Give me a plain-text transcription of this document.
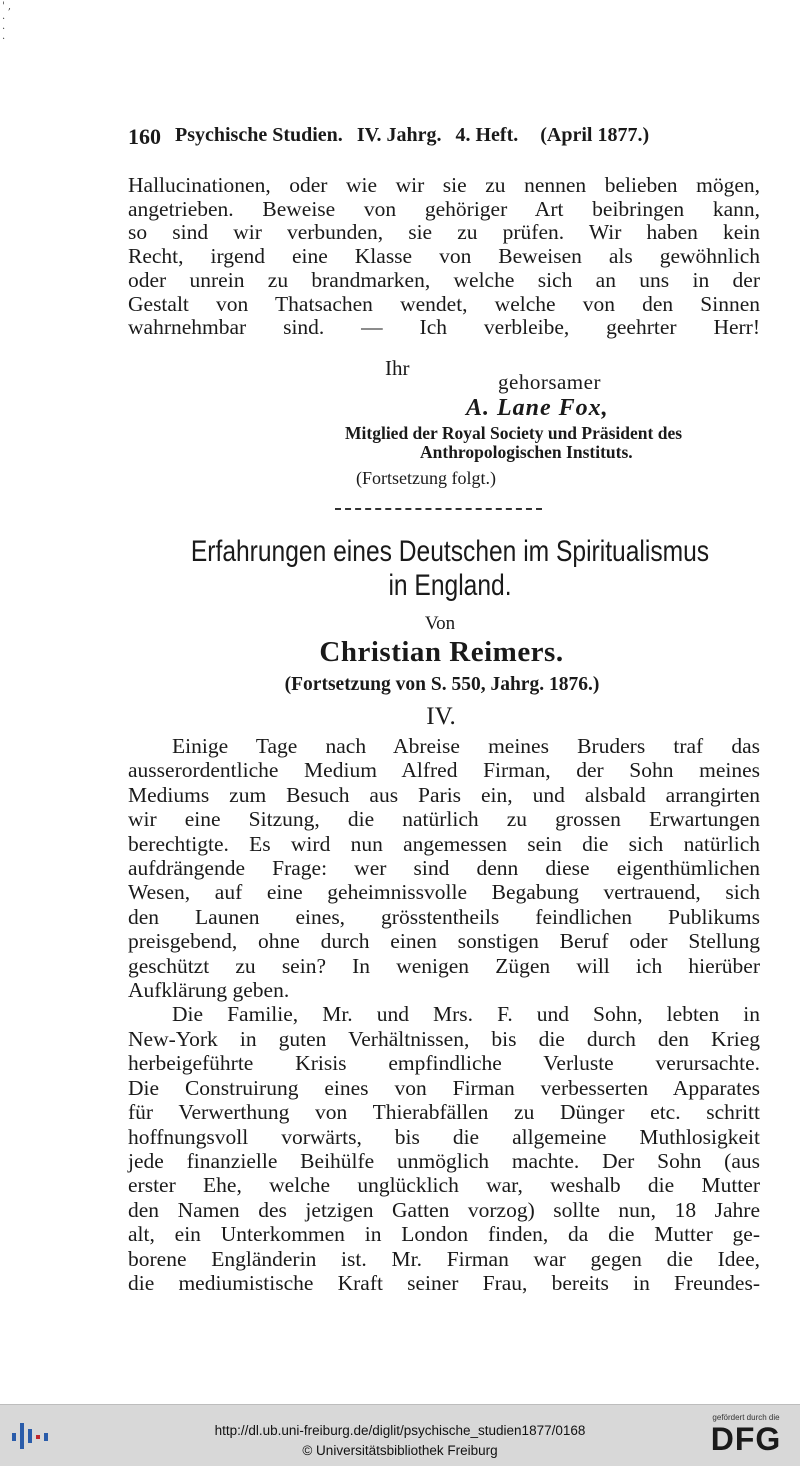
' ,
.
.
.
160 Psychische Studien. IV. Jahrg. 4. Heft. (April 1877.)
Hallucinationen, oder wie wir sie zu nennen belieben mögen,
angetrieben. Beweise von gehöriger Art beibringen kann,
so sind wir verbunden, sie zu prüfen. Wir haben kein
Recht, irgend eine Klasse von Beweisen als gewöhnlich
oder unrein zu brandmarken, welche sich an uns in der
Gestalt von Thatsachen wendet, welche von den Sinnen
wahrnehmbar sind. — Ich verbleibe, geehrter Herr!
Ihr
gehorsamer
A. Lane Fox,
Mitglied der Royal Society und Präsident des
Anthropologischen Instituts.
(Fortsetzung folgt.)
Erfahrungen eines Deutschen im Spiritualismus
in England.
Von
Christian Reimers.
(Fortsetzung von S. 550, Jahrg. 1876.)
IV.
Einige Tage nach Abreise meines Bruders traf das
ausserordentliche Medium Alfred Firman, der Sohn meines
Mediums zum Besuch aus Paris ein, und alsbald arrangirten
wir eine Sitzung, die natürlich zu grossen Erwartungen
berechtigte. Es wird nun angemessen sein die sich natürlich
aufdrängende Frage: wer sind denn diese eigenthümlichen
Wesen, auf eine geheimnissvolle Begabung vertrauend, sich
den Launen eines, grösstentheils feindlichen Publikums
preisgebend, ohne durch einen sonstigen Beruf oder Stellung
geschützt zu sein? In wenigen Zügen will ich hierüber
Aufklärung geben.
Die Familie, Mr. und Mrs. F. und Sohn, lebten in
New-York in guten Verhältnissen, bis die durch den Krieg
herbeigeführte Krisis empfindliche Verluste verursachte.
Die Construirung eines von Firman verbesserten Apparates
für Verwerthung von Thierabfällen zu Dünger etc. schritt
hoffnungsvoll vorwärts, bis die allgemeine Muthlosigkeit
jede finanzielle Beihülfe unmöglich machte. Der Sohn (aus
erster Ehe, welche unglücklich war, weshalb die Mutter
den Namen des jetzigen Gatten vorzog) sollte nun, 18 Jahre
alt, ein Unterkommen in London finden, da die Mutter ge-
borene Engländerin ist. Mr. Firman war gegen die Idee,
die mediumistische Kraft seiner Frau, bereits in Freundes-
http://dl.ub.uni-freiburg.de/diglit/psychische_studien1877/0168
© Universitätsbibliothek Freiburg
gefördert durch die
DFG
